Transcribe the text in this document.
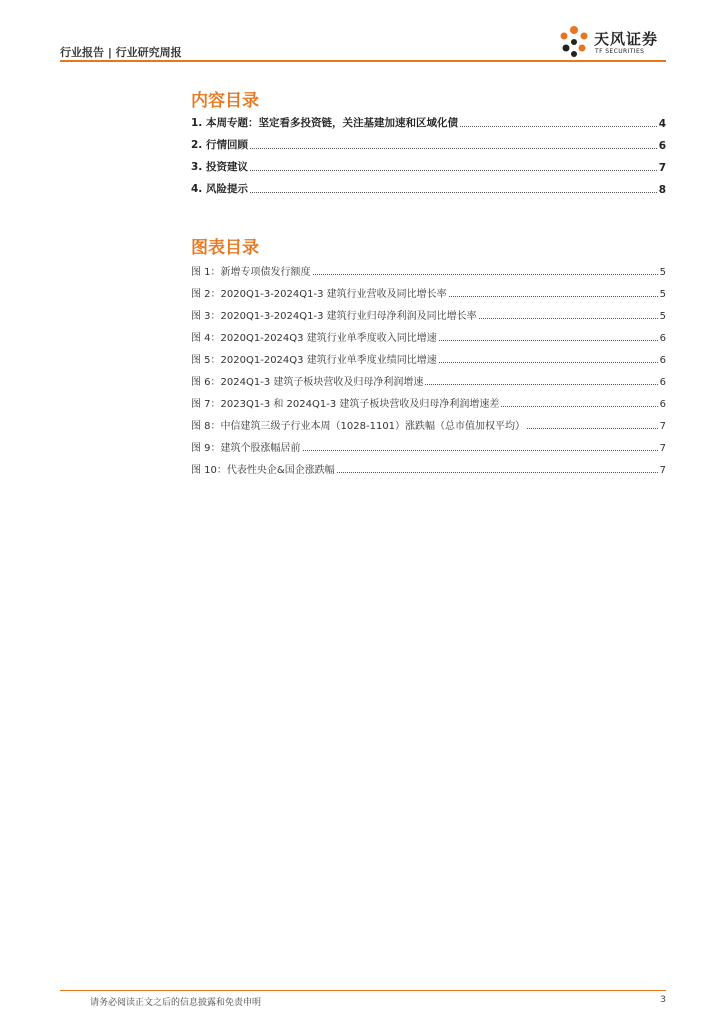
行业报告 | 行业研究周报
天风证券
TF SECURITIES
内容目录
1. 本周专题：坚定看多投资链，关注基建加速和区域化债	4
2. 行情回顾	6
3. 投资建议	7
4. 风险提示	8
图表目录
图 1：新增专项债发行额度	5
图 2：2020Q1-3-2024Q1-3 建筑行业营收及同比增长率	5
图 3：2020Q1-3-2024Q1-3 建筑行业归母净利润及同比增长率	5
图 4：2020Q1-2024Q3 建筑行业单季度收入同比增速	6
图 5：2020Q1-2024Q3 建筑行业单季度业绩同比增速	6
图 6：2024Q1-3 建筑子板块营收及归母净利润增速	6
图 7：2023Q1-3 和 2024Q1-3 建筑子板块营收及归母净利润增速差	6
图 8：中信建筑三级子行业本周（1028-1101）涨跌幅（总市值加权平均）	7
图 9：建筑个股涨幅居前	7
图 10：代表性央企&国企涨跌幅	7
请务必阅读正文之后的信息披露和免责申明	3
